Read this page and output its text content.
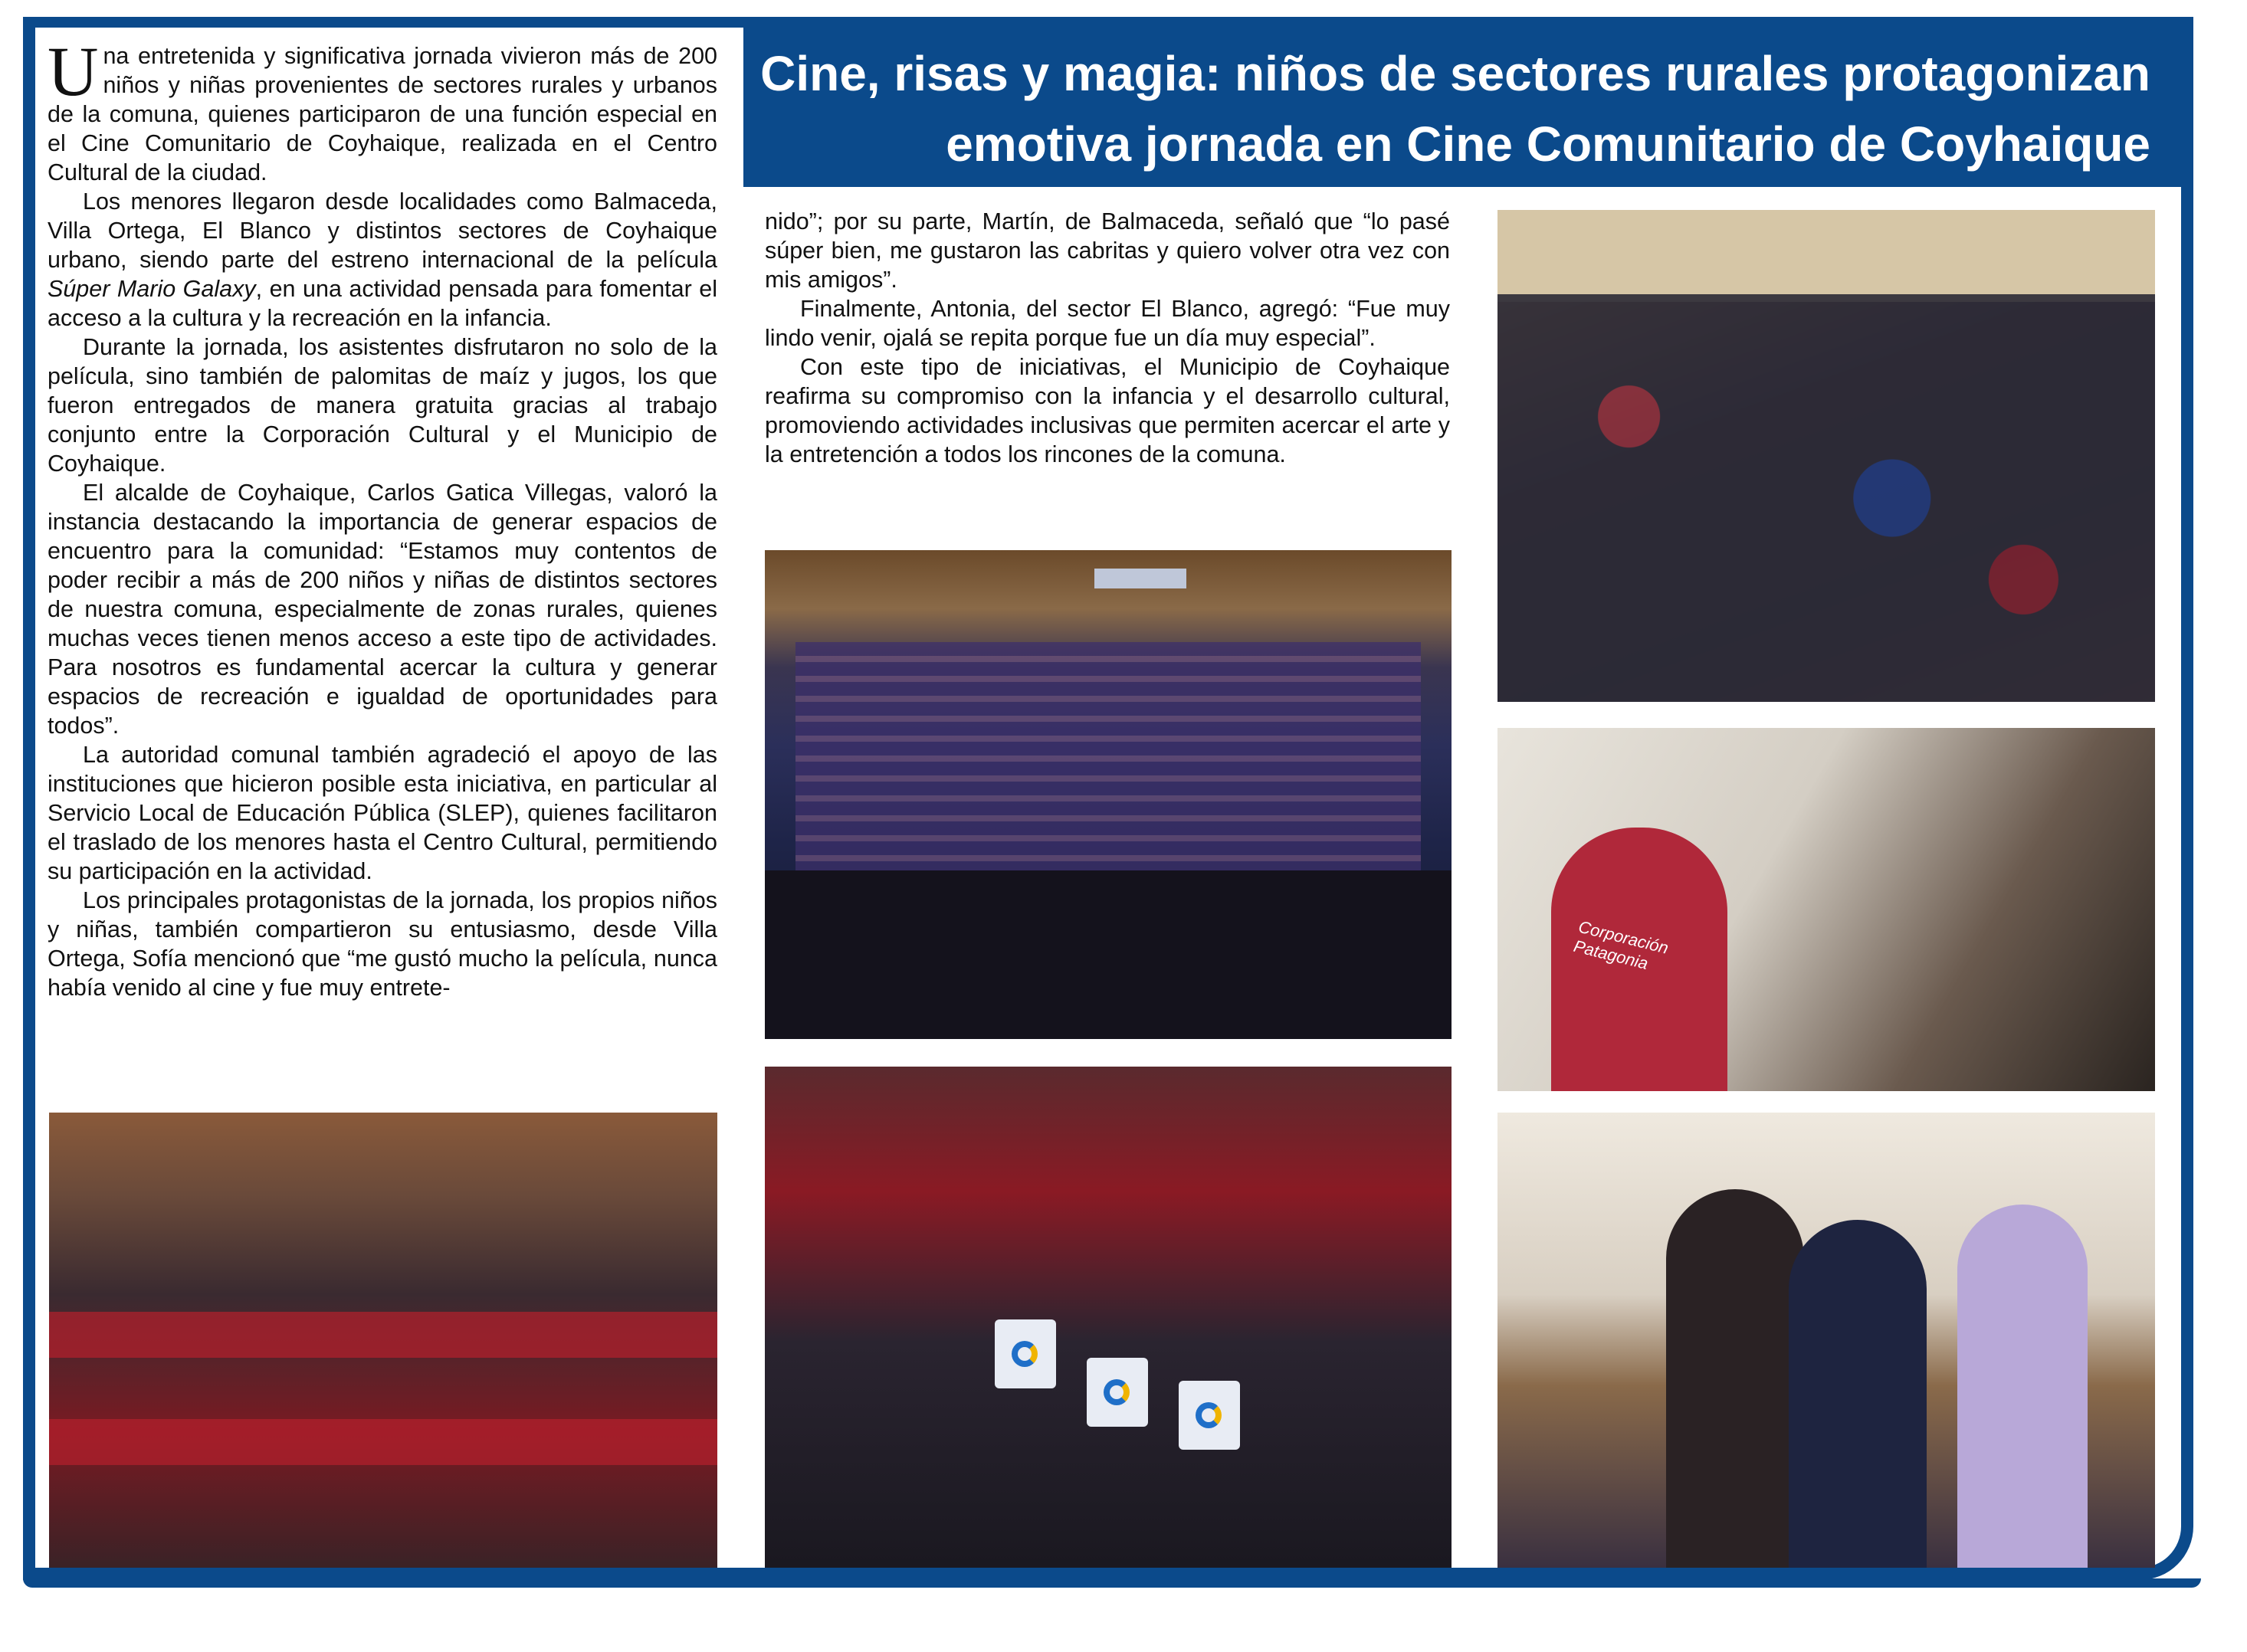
Cine, risas y magia: niños de sectores rurales protagonizan
emotiva jornada en Cine Comunitario de Coyhaique

Una entretenida y significativa jornada vivieron más de 200 niños y niñas provenientes de sectores rurales y urbanos de la comuna, quienes participaron de una función especial en el Cine Comunitario de Coyhaique, realizada en el Centro Cultural de la ciudad.

Los menores llegaron desde localidades como Balmaceda, Villa Ortega, El Blanco y distintos sectores de Coyhaique urbano, siendo parte del estreno internacional de la película Súper Mario Galaxy, en una actividad pensada para fomentar el acceso a la cultura y la recreación en la infancia.

Durante la jornada, los asistentes disfrutaron no solo de la película, sino también de palomitas de maíz y jugos, los que fueron entregados de manera gratuita gracias al trabajo conjunto entre la Corporación Cultural y el Municipio de Coyhaique.

El alcalde de Coyhaique, Carlos Gatica Villegas, valoró la instancia destacando la importancia de generar espacios de encuentro para la comunidad: “Estamos muy contentos de poder recibir a más de 200 niños y niñas de distintos sectores de nuestra comuna, especialmente de zonas rurales, quienes muchas veces tienen menos acceso a este tipo de actividades. Para nosotros es fundamental acercar la cultura y generar espacios de recreación e igualdad de oportunidades para todos”.

La autoridad comunal también agradeció el apoyo de las instituciones que hicieron posible esta iniciativa, en particular al Servicio Local de Educación Pública (SLEP), quienes facilitaron el traslado de los menores hasta el Centro Cultural, permitiendo su participación en la actividad.

Los principales protagonistas de la jornada, los propios niños y niñas, también compartieron su entusiasmo, desde Villa Ortega, Sofía mencionó que “me gustó mucho la película, nunca había venido al cine y fue muy entrete-

nido”; por su parte, Martín, de Balmaceda, señaló que “lo pasé súper bien, me gustaron las cabritas y quiero volver otra vez con mis amigos”.

Finalmente, Antonia, del sector El Blanco, agregó: “Fue muy lindo venir, ojalá se repita porque fue un día muy especial”.

Con este tipo de iniciativas, el Municipio de Coyhaique reafirma su compromiso con la infancia y el desarrollo cultural, promoviendo actividades inclusivas que permiten acercar el arte y la entretención a todos los rincones de la comuna.

Corporación Patagonia
